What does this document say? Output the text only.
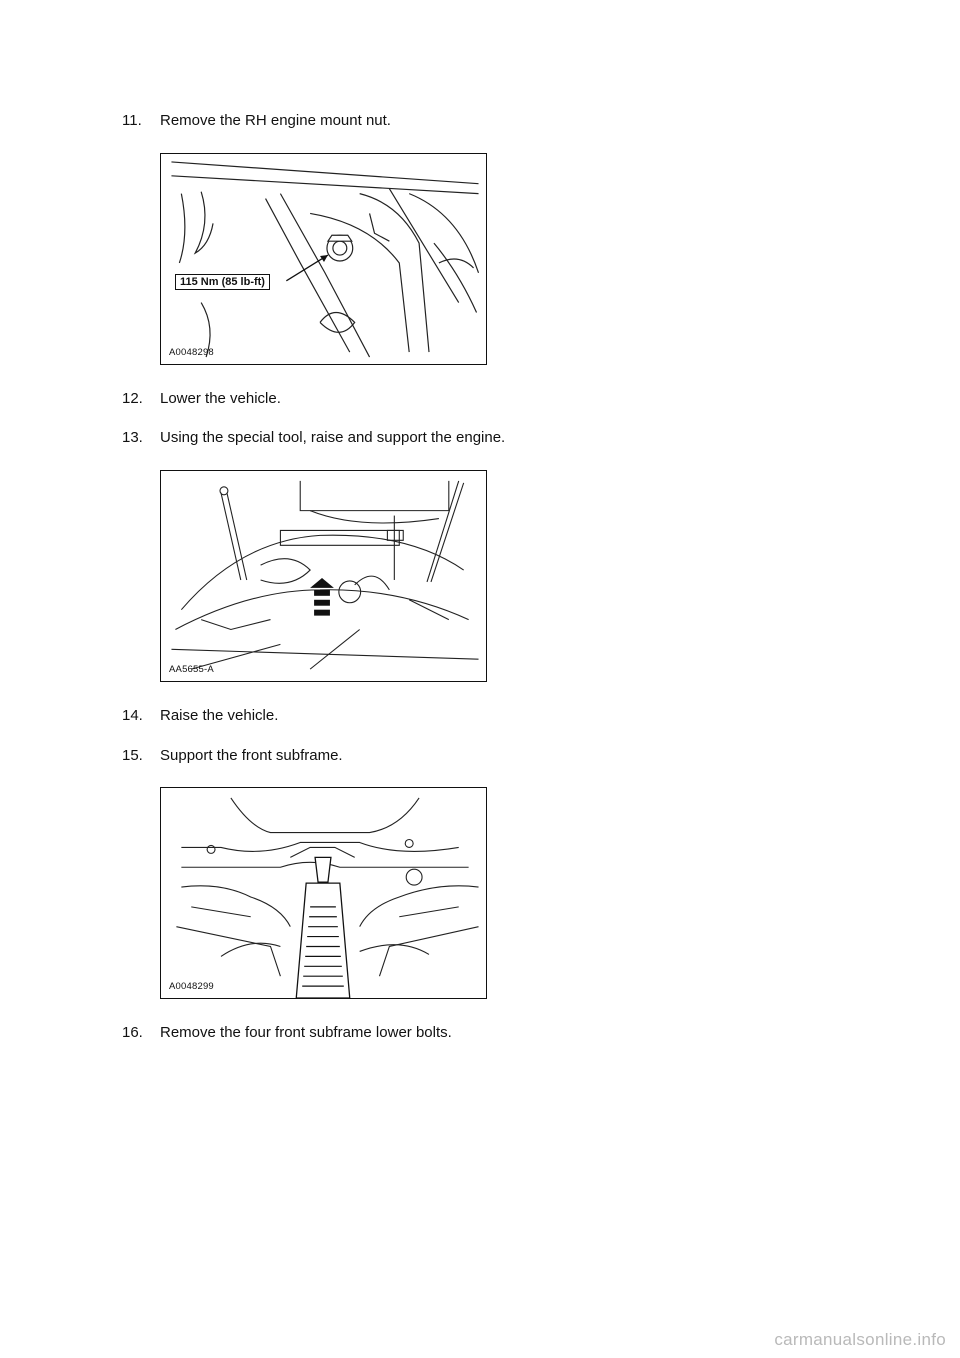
11. Remove the RH engine mount nut.
115 Nm (85 lb-ft)
A0048298
12. Lower the vehicle.
13. Using the special tool, raise and support the engine.
AA5655-A
14. Raise the vehicle.
15. Support the front subframe.
A0048299
16. Remove the four front subframe lower bolts.
carmanualsonline.info
